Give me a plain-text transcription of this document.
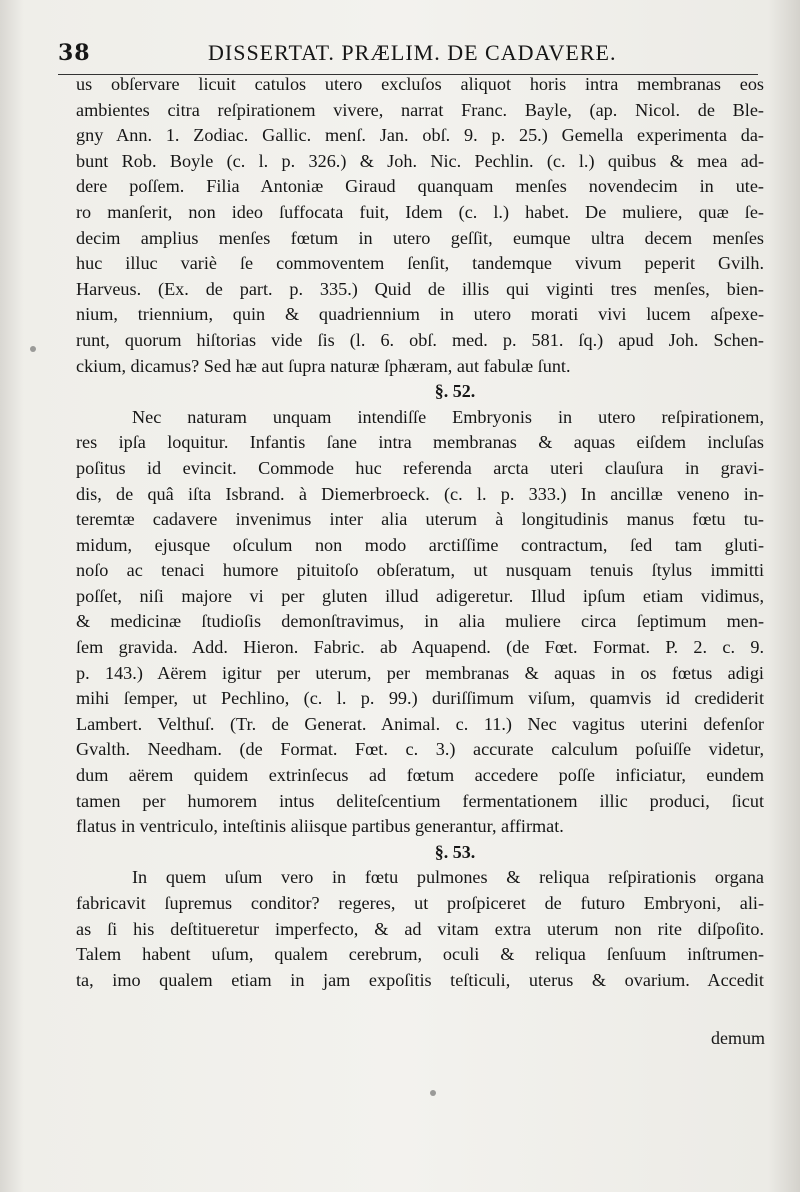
38	DISSERTAT. PRÆLIM. DE CADAVERE.
us obſervare licuit catulos utero excluſos aliquot horis intra membranas eos
ambientes citra reſpirationem vivere, narrat Franc. Bayle, (ap. Nicol. de Ble-
gny Ann. 1. Zodiac. Gallic. menſ. Jan. obſ. 9. p. 25.) Gemella experimenta da-
bunt Rob. Boyle (c. l. p. 326.) & Joh. Nic. Pechlin. (c. l.) quibus & mea ad-
dere poſſem. Filia Antoniæ Giraud quanquam menſes novendecim in ute-
ro manſerit, non ideo ſuffocata fuit, Idem (c. l.) habet. De muliere, quæ ſe-
decim amplius menſes fœtum in utero geſſit, eumque ultra decem menſes
huc illuc variè ſe commoventem ſenſit, tandemque vivum peperit Gvilh.
Harveus. (Ex. de part. p. 335.) Quid de illis qui viginti tres menſes, bien-
nium, triennium, quin & quadriennium in utero morati vivi lucem aſpexe-
runt, quorum hiſtorias vide ſis (l. 6. obſ. med. p. 581. ſq.) apud Joh. Schen-
ckium, dicamus? Sed hæ aut ſupra naturæ ſphæram, aut fabulæ ſunt.
§. 52.
Nec naturam unquam intendiſſe Embryonis in utero reſpirationem,
res ipſa loquitur. Infantis ſane intra membranas & aquas eiſdem incluſas
poſitus id evincit. Commode huc referenda arcta uteri clauſura in gravi-
dis, de quâ iſta Isbrand. à Diemerbroeck. (c. l. p. 333.) In ancillæ veneno in-
teremtæ cadavere invenimus inter alia uterum à longitudinis manus fœtu tu-
midum, ejusque oſculum non modo arctiſſime contractum, ſed tam gluti-
noſo ac tenaci humore pituitoſo obſeratum, ut nusquam tenuis ſtylus immitti
poſſet, niſi majore vi per gluten illud adigeretur. Illud ipſum etiam vidimus,
& medicinæ ſtudioſis demonſtravimus, in alia muliere circa ſeptimum men-
ſem gravida. Add. Hieron. Fabric. ab Aquapend. (de Fœt. Format. P. 2. c. 9.
p. 143.) Aërem igitur per uterum, per membranas & aquas in os fœtus adigi
mihi ſemper, ut Pechlino, (c. l. p. 99.) duriſſimum viſum, quamvis id crediderit
Lambert. Velthuſ. (Tr. de Generat. Animal. c. 11.) Nec vagitus uterini defenſor
Gvalth. Needham. (de Format. Fœt. c. 3.) accurate calculum poſuiſſe videtur,
dum aërem quidem extrinſecus ad fœtum accedere poſſe inficiatur, eundem
tamen per humorem intus deliteſcentium fermentationem illic produci, ſicut
flatus in ventriculo, inteſtinis aliisque partibus generantur, affirmat.
§. 53.
In quem uſum vero in fœtu pulmones & reliqua reſpirationis organa
fabricavit ſupremus conditor? regeres, ut proſpiceret de futuro Embryoni, ali-
as ſi his deſtitueretur imperfecto, & ad vitam extra uterum non rite diſpoſito.
Talem habent uſum, qualem cerebrum, oculi & reliqua ſenſuum inſtrumen-
ta, imo qualem etiam in jam expoſitis teſticuli, uterus & ovarium. Accedit
demum
